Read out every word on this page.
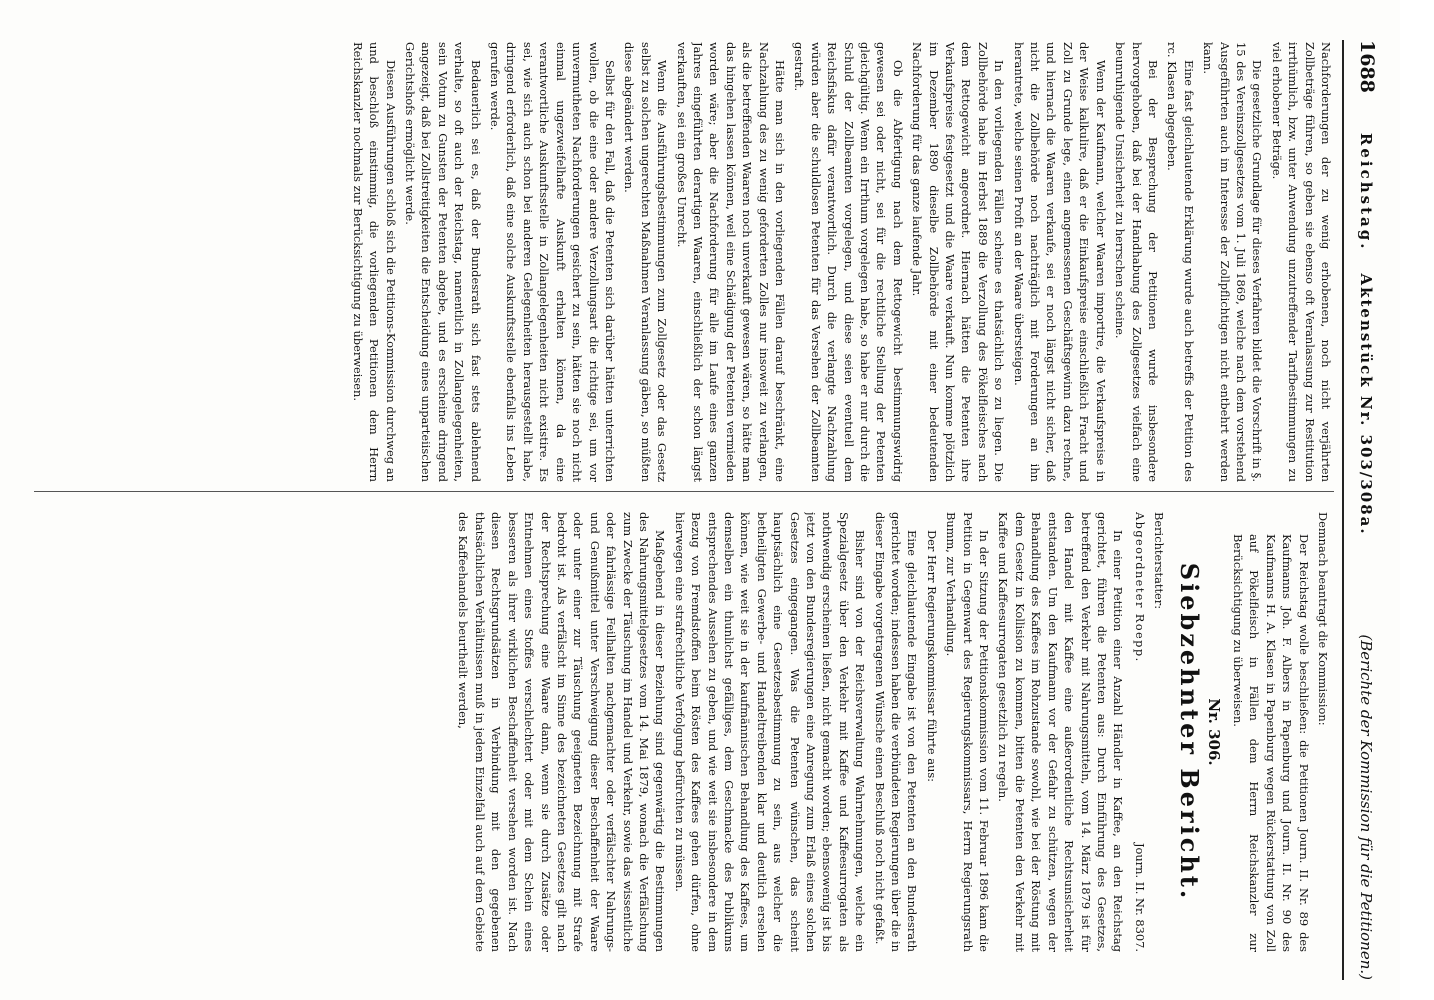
1688
Reichstag.
Aktenstück Nr. 303/308a.
(Berichte der Kommission für die Petitionen.)

Nachforderungen der zu wenig erhobenen, noch nicht verjährten Zollbeträge führen, so geben sie ebenso oft Veranlassung zur Restitution irrthümlich, bzw. unter Anwendung unzutreffender Tarifbestimmungen zu viel erhobener Beträge.

Die gesetzliche Grundlage für dieses Verfahren bildet die Vorschrift in §. 15 des Vereinszollgesetzes vom 1. Juli 1869, welche nach dem vorstehend Ausgeführten auch im Interesse der Zollpflichtigen nicht entbehrt werden kann.

Eine fast gleichlautende Erklärung wurde auch betreffs der Petition des rc. Klasen abgegeben.

Bei der Besprechung der Petitionen wurde insbesondere hervorgehoben, daß bei der Handhabung des Zollgesetzes vielfach eine beunruhigende Unsicherheit zu herrschen scheine.

Wenn der Kaufmann, welcher Waaren importire, die Verkaufspreise in der Weise kalkulire, daß er die Einkaufspreise einschließlich Fracht und Zoll zu Grunde lege, einen angemessenen Geschäftsgewinn dazu rechne, und hiernach die Waaren verkaufe, sei er noch längst nicht sicher, daß nicht die Zollbehörde noch nachträglich mit Forderungen an ihn herantrete, welche seinen Profit an der Waare übersteigen.

In den vorliegenden Fällen scheine es thatsächlich so zu liegen. Die Zollbehörde habe im Herbst 1889 die Verzollung des Pökelfleisches nach dem Rettogewicht angeordnet. Hiernach hätten die Petenten ihre Verkaufspreise festgesetzt und die Waare verkauft. Nun komme plötzlich im Dezember 1890 dieselbe Zollbehörde mit einer bedeutenden Nachforderung für das ganze laufende Jahr.

Ob die Abfertigung nach dem Rettogewicht bestimmungswidrig gewesen sei oder nicht, sei für die rechtliche Stellung der Petenten gleichgültig. Wenn ein Irrthum vorgelegen habe, so habe er nur durch die Schuld der Zollbeamten vorgelegen, und diese seien eventuell dem Reichsfiskus dafür verantwortlich. Durch die verlangte Nachzahlung würden aber die schuldlosen Petenten für das Versehen der Zollbeamten gestraft.

Hätte man sich in den vorliegenden Fällen darauf beschränkt, eine Nachzahlung des zu wenig geforderten Zolles nur insoweit zu verlangen, als die betreffenden Waaren noch unverkauft gewesen wären, so hätte man das hingehen lassen können, weil eine Schädigung der Petenten vermieden worden wäre; aber die Nachforderung für alle im Laufe eines ganzen Jahres eingeführten derartigen Waaren, einschließlich der schon längst verkauften, sei ein großes Unrecht.

Wenn die Ausführungsbestimmungen zum Zollgesetz oder das Gesetz selbst zu solchen ungerechten Maßnahmen Veranlassung gäben, so müßten diese abgeändert werden.

Selbst für den Fall, daß die Petenten sich darüber hätten unterrichten wollen, ob die eine oder andere Verzollungsart die richtige sei, um vor unvermutheten Nachforderungen gesichert zu sein, hätten sie noch nicht einmal ungezweifelhafte Auskunft erhalten können, da eine verantwortliche Auskunftsstelle in Zollangelegenheiten nicht existire. Es sei, wie sich auch schon bei anderen Gelegenheiten herausgestellt habe, dringend erforderlich, daß eine solche Auskunftsstelle ebenfalls ins Leben gerufen werde.

Bedauerlich sei es, daß der Bundesrath sich fast stets ablehnend verhalte, so oft auch der Reichstag, namentlich in Zollangelegenheiten, sein Votum zu Gunsten der Petenten abgebe, und es erscheine dringend angezeigt, daß bei Zollstreitigkeiten die Entscheidung eines unparteiischen Gerichtshofs ermöglicht werde.

Diesen Ausführungen schloß sich die Petitions-Kommission durchweg an und beschloß einstimmig, die vorliegenden Petitionen dem Herrn Reichskanzler nochmals zur Berücksichtigung zu überweisen.

Demnach beantragt die Kommission:

Der Reichstag wolle beschließen: die Petitionen Journ. II. Nr. 89 des Kaufmanns Joh. F. Albers in Papenburg und Journ. II. Nr. 90 des Kaufmanns H. A. Klasen in Papenburg wegen Rückerstattung von Zoll auf Pökelfleisch in Fällen dem Herrn Reichskanzler zur Berücksichtigung zu überweisen.

Nr. 306.
Siebzehnter Bericht.

Berichterstatter:

Abgeordneter Roepp.
Journ. II. Nr. 8307.

In einer Petition einer Anzahl Händler in Kaffee, an den Reichstag gerichtet, führen die Petenten aus: Durch Einführung des Gesetzes, betreffend den Verkehr mit Nahrungsmitteln, vom 14. März 1879 ist für den Handel mit Kaffee eine außerordentliche Rechtsunsicherheit entstanden. Um den Kaufmann vor der Gefahr zu schützen, wegen der Behandlung des Kaffees im Rohzustande sowohl, wie bei der Röstung mit dem Gesetz in Kollision zu kommen, bitten die Petenten den Verkehr mit Kaffee und Kaffeesurrogaten gesetzlich zu regeln.

In der Sitzung der Petitionskommission vom 11. Februar 1896 kam die Petition in Gegenwart des Regierungskommissars, Herrn Regierungsrath Bumm, zur Verhandlung.

Der Herr Regierungskommissar führte aus:

Eine gleichlautende Eingabe ist von den Petenten an den Bundesrath gerichtet worden; indessen haben die verbündeten Regierungen über die in dieser Eingabe vorgetragenen Wünsche einen Beschluß noch nicht gefaßt.

Bisher sind von der Reichsverwaltung Wahrnehmungen, welche ein Spezialgesetz über den Verkehr mit Kaffee und Kaffeesurrogaten als nothwendig erscheinen ließen, nicht gemacht worden; ebensowenig ist bis jetzt von den Bundesregierungen eine Anregung zum Erlaß eines solchen Gesetzes eingegangen. Was die Petenten wünschen, das scheint hauptsächlich eine Gesetzesbestimmung zu sein, aus welcher die betheiligten Gewerbe- und Handeltreibenden klar und deutlich ersehen können, wie weit sie in der kaufmännischen Behandlung des Kaffees, um demselben ein thunlichst gefälliges, dem Geschmacke des Publikums entsprechendes Aussehen zu geben, und wie weit sie insbesondere in dem Bezug von Fremdstoffen beim Rösten des Kaffees gehen dürfen, ohne hierwegen eine strafrechtliche Verfolgung befürchten zu müssen.

Maßgebend in dieser Beziehung sind gegenwärtig die Bestimmungen des Nahrungsmittelgesetzes vom 14. Mai 1879, wonach die Verfälschung zum Zwecke der Täuschung im Handel und Verkehr, sowie das wissentliche oder fahrlässige Feilhalten nachgemachter oder verfälschter Nahrungs- und Genußmittel unter Verschweigung dieser Beschaffenheit der Waare oder unter einer zur Täuschung geeigneten Bezeichnung mit Strafe bedroht ist. Als verfälscht im Sinne des bezeichneten Gesetzes gilt nach der Rechtsprechung eine Waare dann, wenn sie durch Zusätze oder Entnehmen eines Stoffes verschlechtert oder mit dem Schein eines besseren als ihrer wirklichen Beschaffenheit versehen worden ist. Nach diesen Rechtsgrundsätzen in Verbindung mit den gegebenen thatsächlichen Verhältnissen muß in jedem Einzelfall auch auf dem Gebiete des Kaffeehandels beurtheilt werden,
